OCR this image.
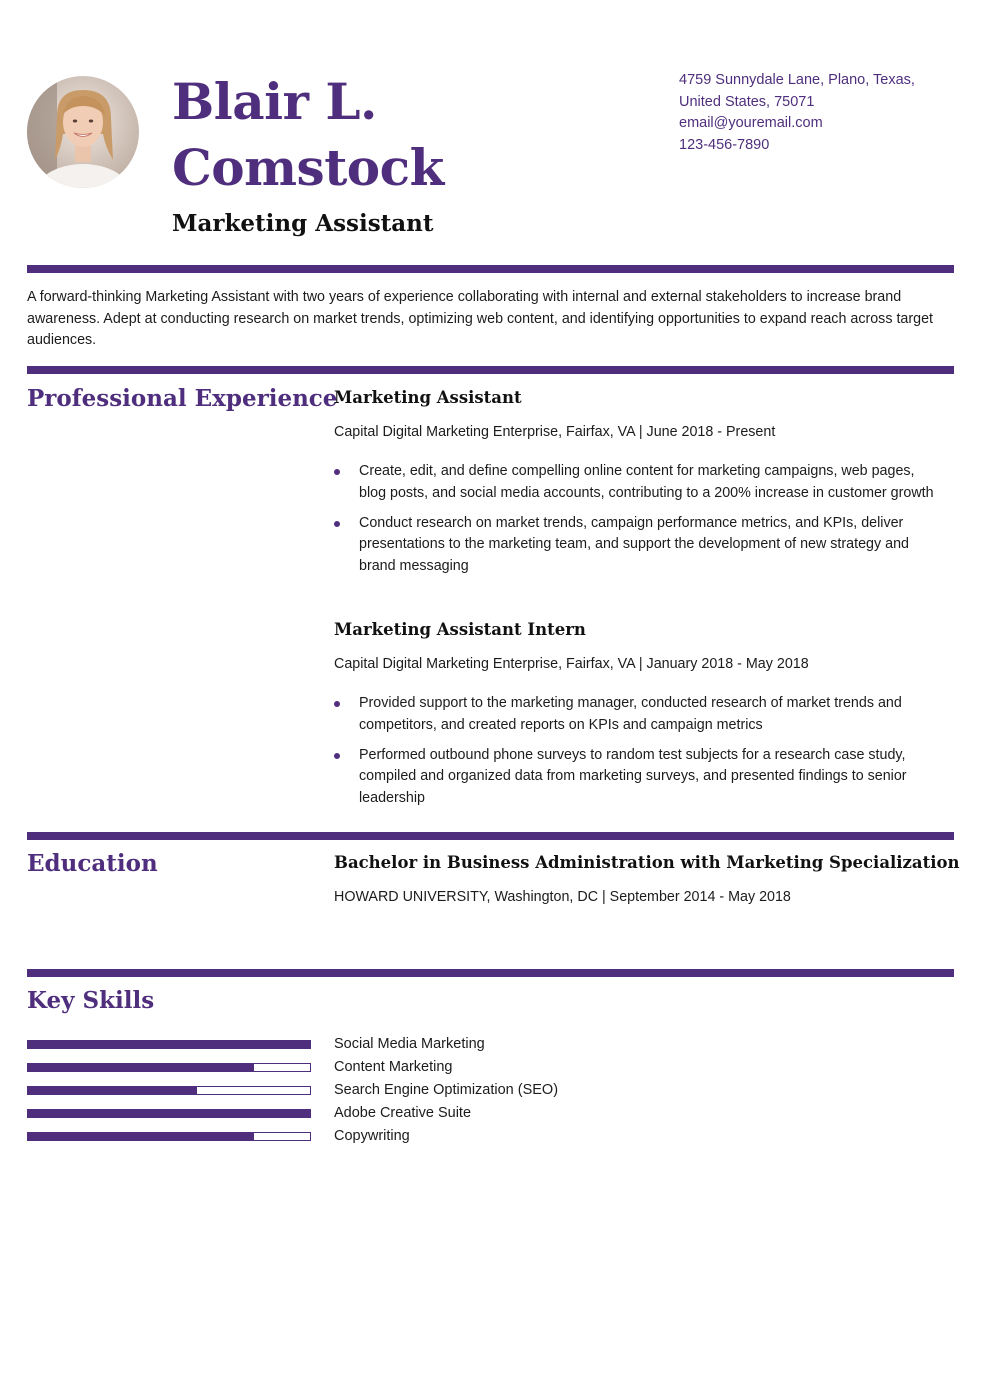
Blair L.
Comstock
Marketing Assistant
4759 Sunnydale Lane, Plano, Texas,
United States, 75071
email@youremail.com
123-456-7890
A forward-thinking Marketing Assistant with two years of experience collaborating with internal and external stakeholders to increase brand awareness. Adept at conducting research on market trends, optimizing web content, and identifying opportunities to expand reach across target audiences.
Professional Experience
Marketing Assistant
Capital Digital Marketing Enterprise, Fairfax, VA | June 2018 - Present
Create, edit, and define compelling online content for marketing campaigns, web pages, blog posts, and social media accounts, contributing to a 200% increase in customer growth
Conduct research on market trends, campaign performance metrics, and KPIs, deliver presentations to the marketing team, and support the development of new strategy and brand messaging
Marketing Assistant Intern
Capital Digital Marketing Enterprise, Fairfax, VA | January 2018 - May 2018
Provided support to the marketing manager, conducted research of market trends and competitors, and created reports on KPIs and campaign metrics
Performed outbound phone surveys to random test subjects for a research case study, compiled and organized data from marketing surveys, and presented findings to senior leadership
Education	Bachelor in Business Administration with Marketing Specialization
HOWARD UNIVERSITY, Washington, DC | September 2014 - May 2018
Key Skills
Social Media Marketing
Content Marketing
Search Engine Optimization (SEO)
Adobe Creative Suite
Copywriting
